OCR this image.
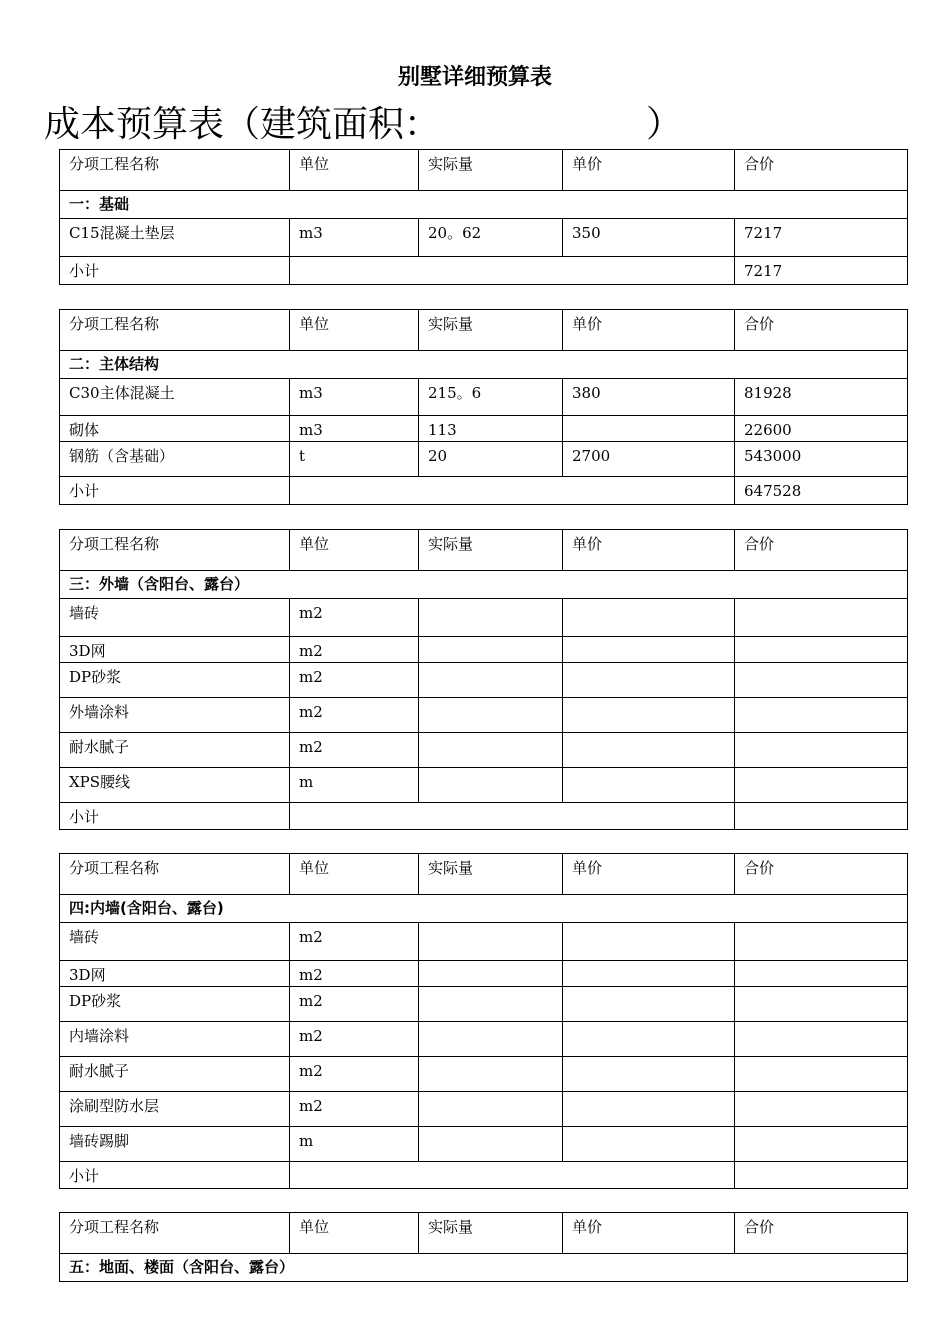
别墅详细预算表
成本预算表（建筑面积：                  ）
分项工程名称	单位	实际量	单价	合价
一：基础				
C15混凝土垫层	m3	20。62	350	7217
小计				7217
分项工程名称	单位	实际量	单价	合价
二：主体结构				
C30主体混凝土	m3	215。6	380	81928
砌体	m3	113		22600
钢筋（含基础）	t	20	2700	543000
小计				647528
分项工程名称	单位	实际量	单价	合价
三：外墙（含阳台、露台）				
墙砖	m2			
3D网	m2			
DP砂浆	m2			
外墙涂料	m2			
耐水腻子	m2			
XPS腰线	m			
小计				
分项工程名称	单位	实际量	单价	合价
四:内墙(含阳台、露台)				
墙砖	m2			
3D网	m2			
DP砂浆	m2			
内墙涂料	m2			
耐水腻子	m2			
涂刷型防水层	m2			
墙砖踢脚	m			
小计				
分项工程名称	单位	实际量	单价	合价
五：地面、楼面（含阳台、露台）
